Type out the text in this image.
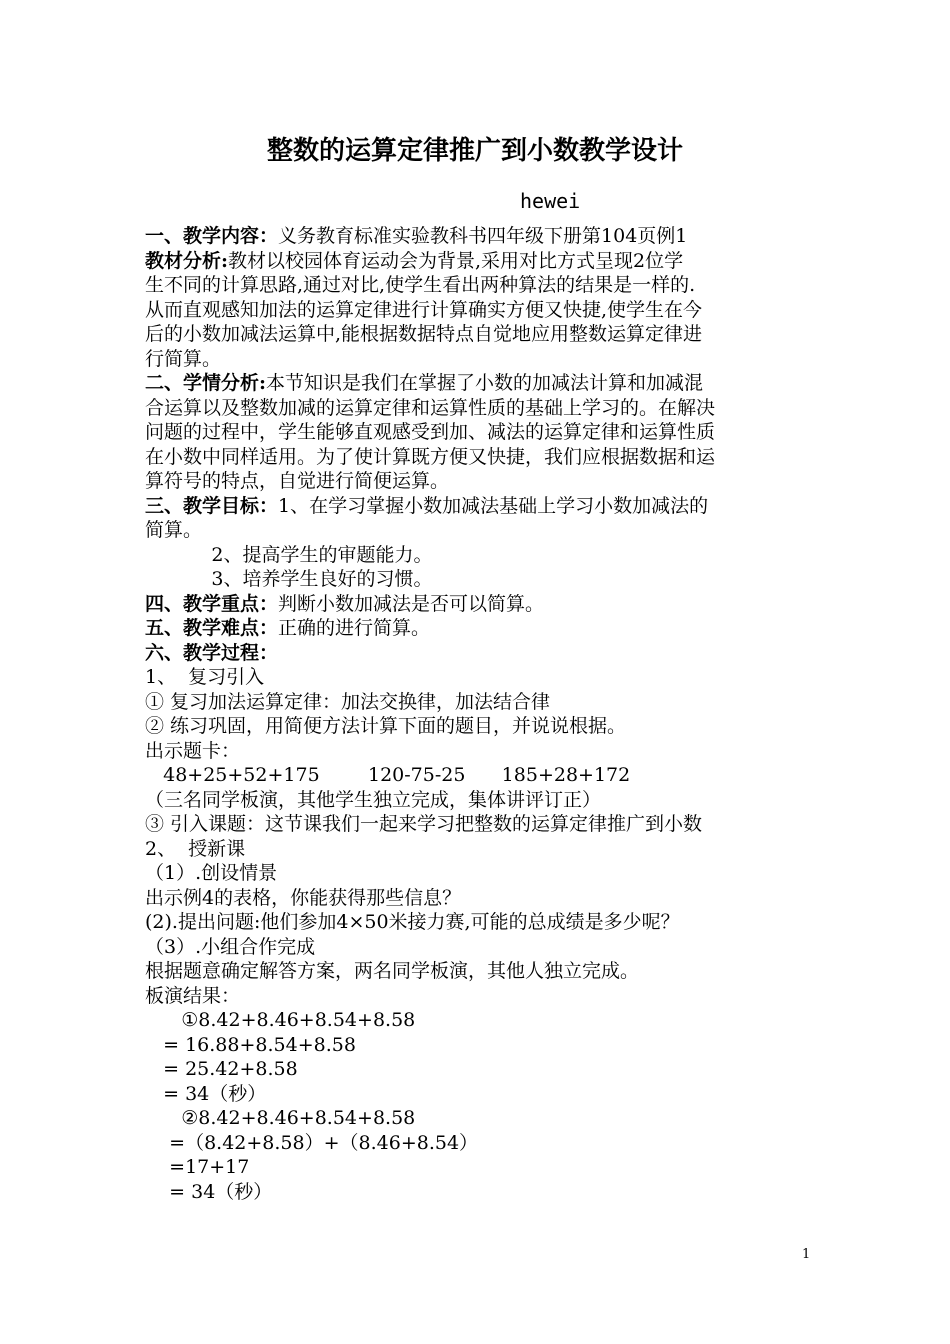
整数的运算定律推广到小数教学设计
hewei
一、教学内容：义务教育标准实验教科书四年级下册第104页例1
教材分析:教材以校园体育运动会为背景,采用对比方式呈现2位学
生不同的计算思路,通过对比,使学生看出两种算法的结果是一样的.
从而直观感知加法的运算定律进行计算确实方便又快捷,使学生在今
后的小数加减法运算中,能根据数据特点自觉地应用整数运算定律进
行简算。
二、学情分析:本节知识是我们在掌握了小数的加减法计算和加减混
合运算以及整数加减的运算定律和运算性质的基础上学习的。在解决
问题的过程中，学生能够直观感受到加、减法的运算定律和运算性质
在小数中同样适用。为了使计算既方便又快捷，我们应根据数据和运
算符号的特点，自觉进行简便运算。
三、教学目标：1、在学习掌握小数加减法基础上学习小数加减法的
简算。
2、提高学生的审题能力。
3、培养学生良好的习惯。
四、教学重点：判断小数加减法是否可以简算。
五、教学难点：正确的进行简算。
六、教学过程：
1、  复习引入
① 复习加法运算定律：加法交换律，加法结合律
② 练习巩固，用简便方法计算下面的题目，并说说根据。
出示题卡：
48+25+52+175        120-75-25      185+28+172
（三名同学板演，其他学生独立完成，集体讲评订正）
③ 引入课题：这节课我们一起来学习把整数的运算定律推广到小数
2、  授新课
（1）.创设情景
出示例4的表格，你能获得那些信息？
(2).提出问题:他们参加4×50米接力赛,可能的总成绩是多少呢？
（3）.小组合作完成
根据题意确定解答方案，两名同学板演，其他人独立完成。
板演结果：
①8.42+8.46+8.54+8.58
= 16.88+8.54+8.58
= 25.42+8.58
= 34（秒）
②8.42+8.46+8.54+8.58
=（8.42+8.58）+（8.46+8.54）
=17+17
= 34（秒）
1
